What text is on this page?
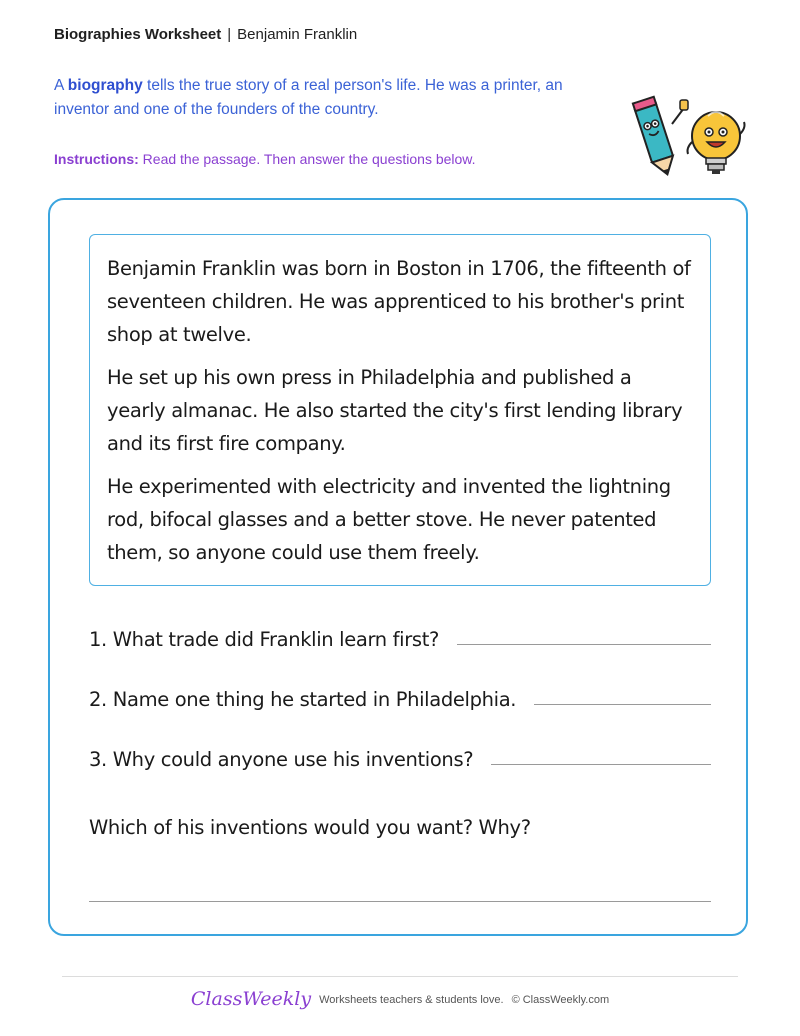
Biographies Worksheet | Benjamin Franklin
A biography tells the true story of a real person's life. He was a printer, an inventor and one of the founders of the country.
Instructions: Read the passage. Then answer the questions below.

Benjamin Franklin was born in Boston in 1706, the fifteenth of seventeen children. He was apprenticed to his brother's print shop at twelve.

He set up his own press in Philadelphia and published a yearly almanac. He also started the city's first lending library and its first fire company.

He experimented with electricity and invented the lightning rod, bifocal glasses and a better stove. He never patented them, so anyone could use them freely.

1. What trade did Franklin learn first?
2. Name one thing he started in Philadelphia.
3. Why could anyone use his inventions?
Which of his inventions would you want? Why?
ClassWeekly Worksheets teachers & students love. © ClassWeekly.com
